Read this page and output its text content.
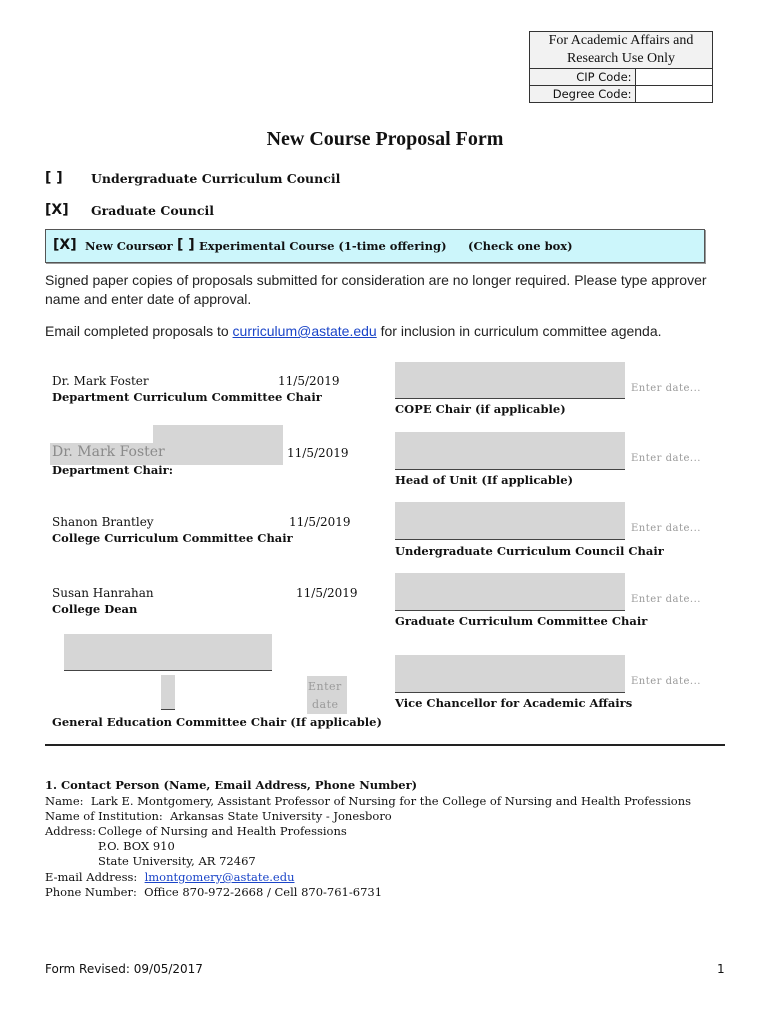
For Academic Affairs and Research Use Only	
CIP Code:	
Degree Code:	
New Course Proposal Form
[ ] Undergraduate Curriculum Council
[X] Graduate Council
[X] New Course
or [ ] Experimental Course (1-time offering) (Check one box)
Signed paper copies of proposals submitted for consideration are no longer required. Please type approver name and enter date of approval.
Email completed proposals to curriculum@astate.edu for inclusion in curriculum committee agenda.
Dr. Mark Foster	11/5/2019
Department Curriculum Committee Chair
Dr. Mark Foster	11/5/2019
Department Chair:
Shanon Brantley	11/5/2019
College Curriculum Committee Chair
Susan Hanrahan	11/5/2019
College Dean
Enter
date
General Education Committee Chair (If applicable)
Enter date...
COPE Chair (if applicable)
Enter date...
Head of Unit (If applicable)
Enter date...
Undergraduate Curriculum Council Chair
Enter date...
Graduate Curriculum Committee Chair
Enter date...
Vice Chancellor for Academic Affairs
1. Contact Person (Name, Email Address, Phone Number)
Name: Lark E. Montgomery, Assistant Professor of Nursing for the College of Nursing and Health Professions
Name of Institution: Arkansas State University - Jonesboro
Address: College of Nursing and Health Professions
P.O. BOX 910
State University, AR 72467
E-mail Address: lmontgomery@astate.edu
Phone Number: Office 870-972-2668 / Cell 870-761-6731
Form Revised: 09/05/2017	1
